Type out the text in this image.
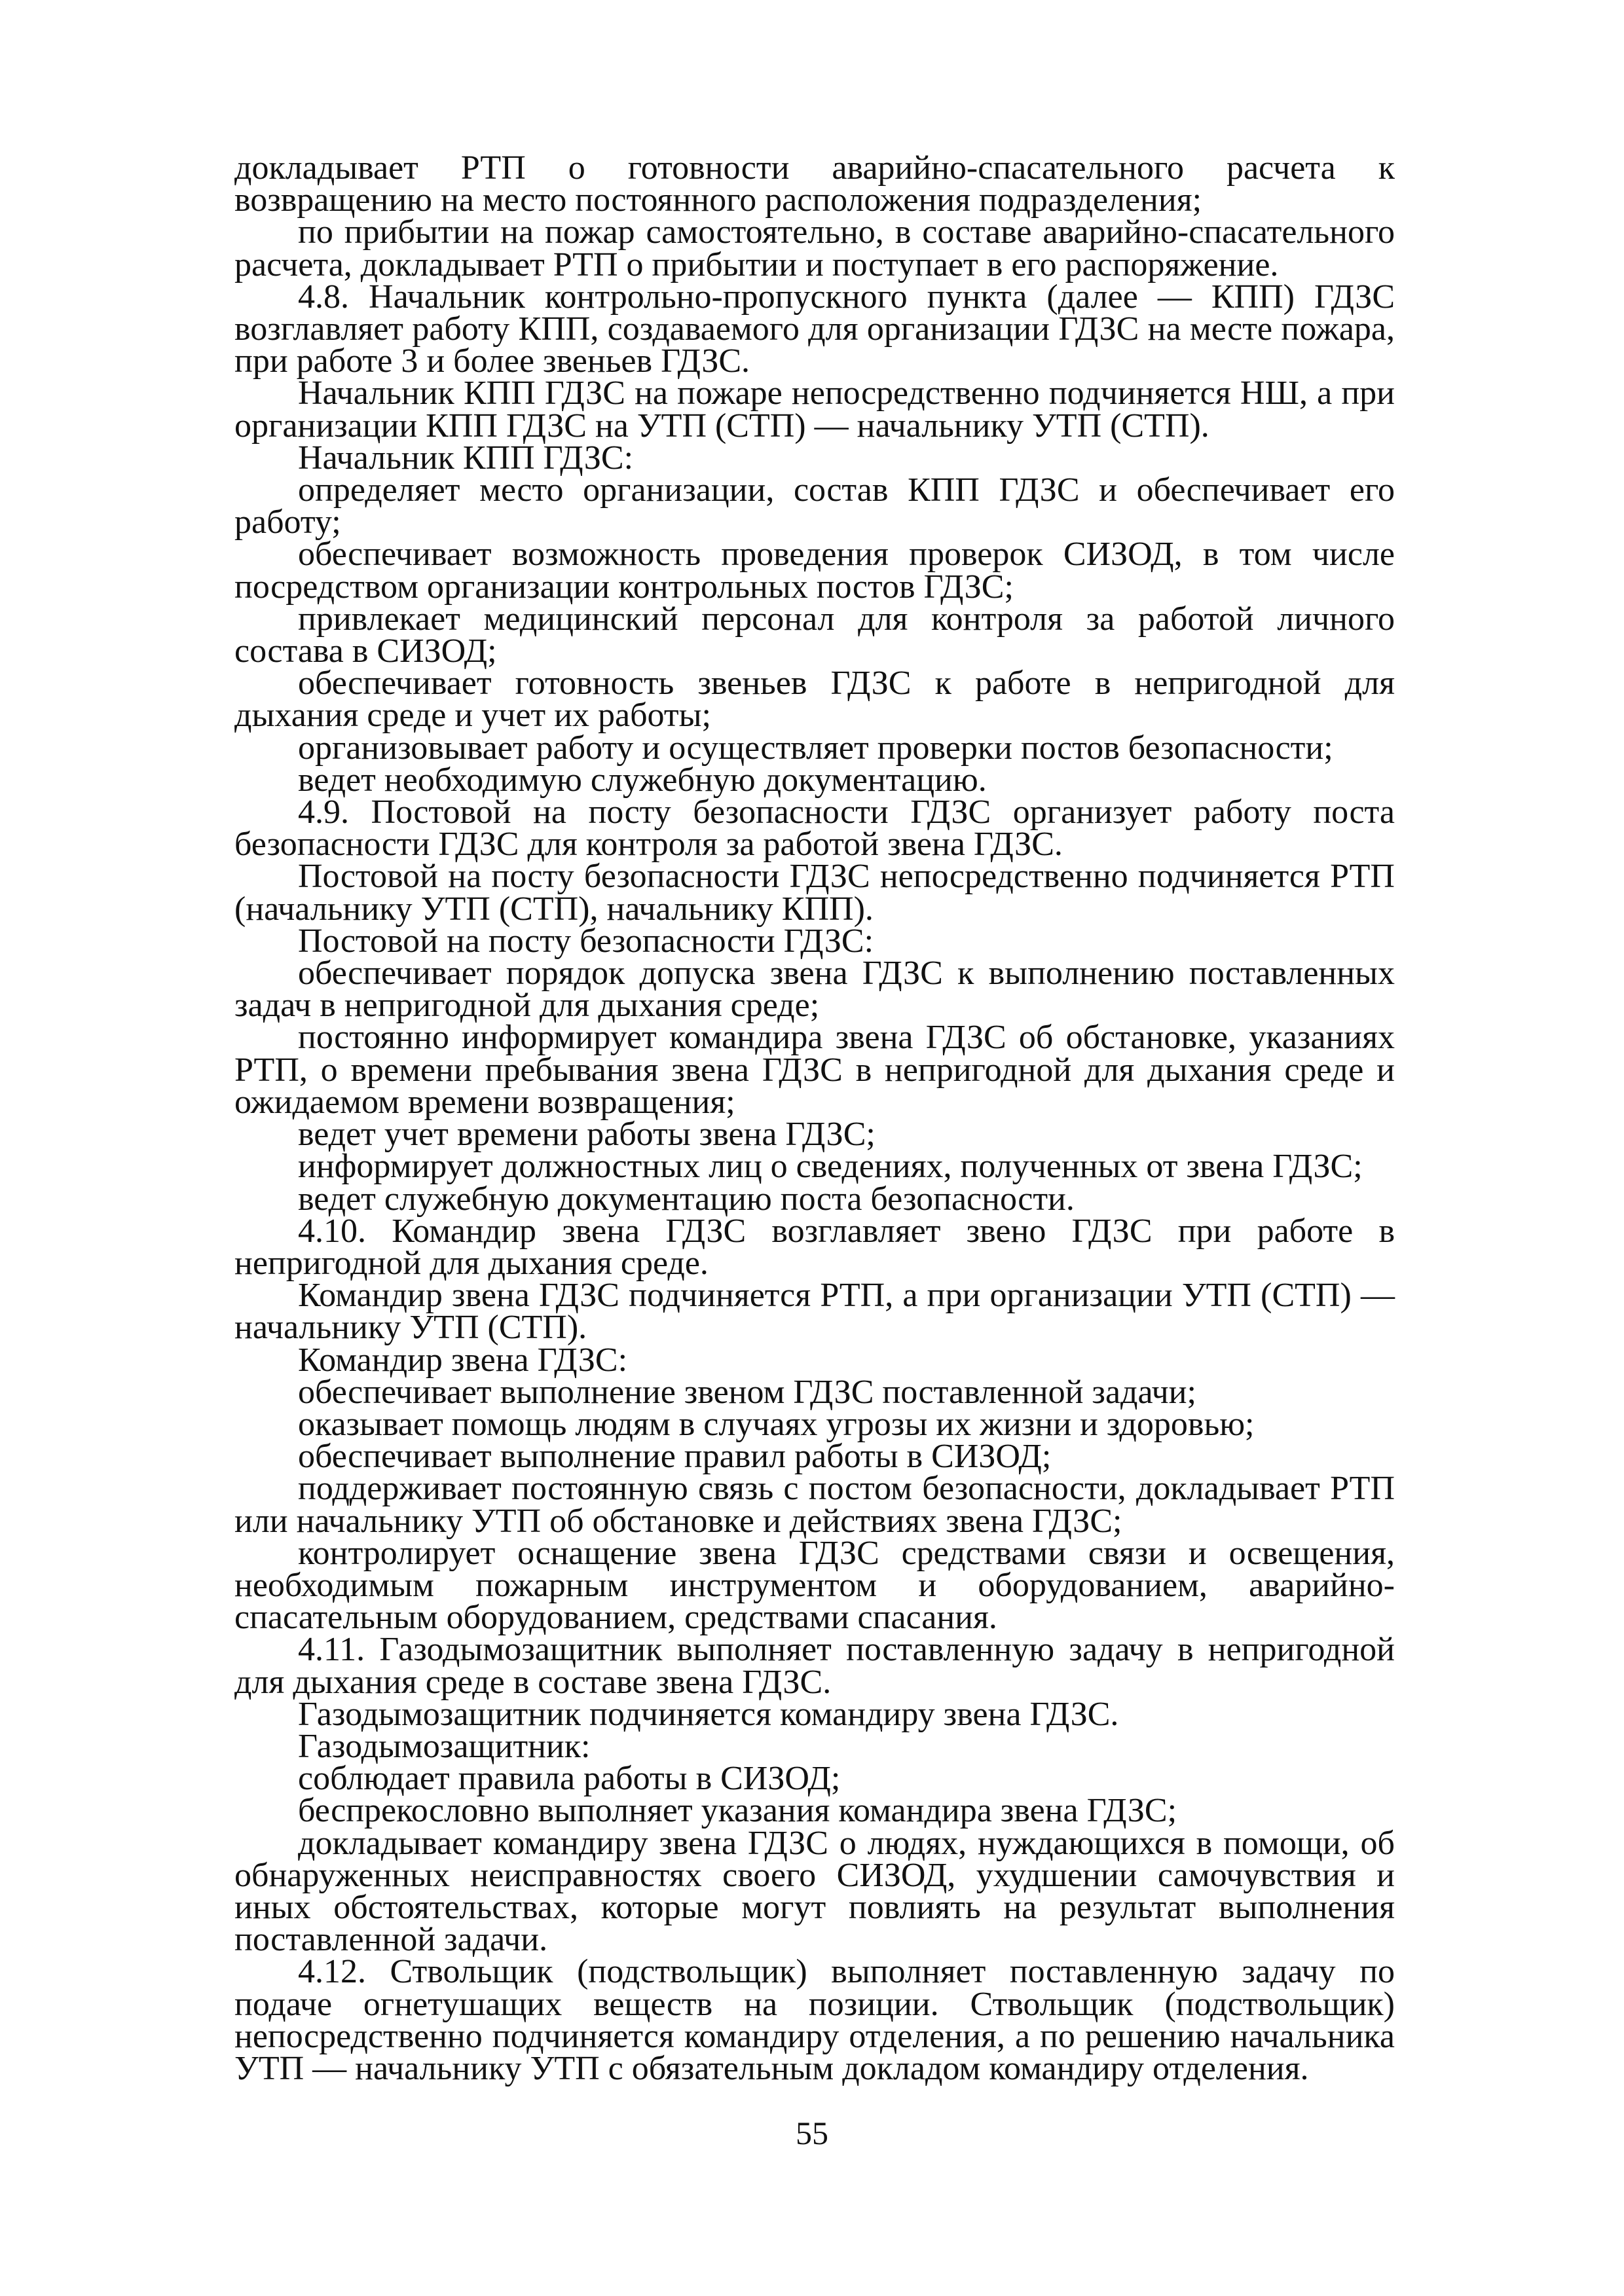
докладывает РТП о готовности аварийно-спасательного расчета к возвращению на место постоянного расположения подразделения;

по прибытии на пожар самостоятельно, в составе аварийно-спасательного расчета, докладывает РТП о прибытии и поступает в его распоряжение.

4.8. Начальник контрольно-пропускного пункта (далее — КПП) ГДЗС возглавляет работу КПП, создаваемого для организации ГДЗС на месте пожара, при работе 3 и более звеньев ГДЗС.

Начальник КПП ГДЗС на пожаре непосредственно подчиняется НШ, а при организации КПП ГДЗС на УТП (СТП) — начальнику УТП (СТП).

Начальник КПП ГДЗС:

определяет место организации, состав КПП ГДЗС и обеспечивает его работу;

обеспечивает возможность проведения проверок СИЗОД, в том числе посредством организации контрольных постов ГДЗС;

привлекает медицинский персонал для контроля за работой личного состава в СИЗОД;

обеспечивает готовность звеньев ГДЗС к работе в непригодной для дыхания среде и учет их работы;

организовывает работу и осуществляет проверки постов безопасности;

ведет необходимую служебную документацию.

4.9. Постовой на посту безопасности ГДЗС организует работу поста безопасности ГДЗС для контроля за работой звена ГДЗС.

Постовой на посту безопасности ГДЗС непосредственно подчиняется РТП (начальнику УТП (СТП), начальнику КПП).

Постовой на посту безопасности ГДЗС:

обеспечивает порядок допуска звена ГДЗС к выполнению поставленных задач в непригодной для дыхания среде;

постоянно информирует командира звена ГДЗС об обстановке, указаниях РТП, о времени пребывания звена ГДЗС в непригодной для дыхания среде и ожидаемом времени возвращения;

ведет учет времени работы звена ГДЗС;

информирует должностных лиц о сведениях, полученных от звена ГДЗС;

ведет служебную документацию поста безопасности.

4.10. Командир звена ГДЗС возглавляет звено ГДЗС при работе в непригодной для дыхания среде.

Командир звена ГДЗС подчиняется РТП, а при организации УТП (СТП) — начальнику УТП (СТП).

Командир звена ГДЗС:

обеспечивает выполнение звеном ГДЗС поставленной задачи;

оказывает помощь людям в случаях угрозы их жизни и здоровью;

обеспечивает выполнение правил работы в СИЗОД;

поддерживает постоянную связь с постом безопасности, докладывает РТП или начальнику УТП об обстановке и действиях звена ГДЗС;

контролирует оснащение звена ГДЗС средствами связи и освещения, необходимым пожарным инструментом и оборудованием, аварийно-спасательным оборудованием, средствами спасания.

4.11. Газодымозащитник выполняет поставленную задачу в непригодной для дыхания среде в составе звена ГДЗС.

Газодымозащитник подчиняется командиру звена ГДЗС.

Газодымозащитник:

соблюдает правила работы в СИЗОД;

беспрекословно выполняет указания командира звена ГДЗС;

докладывает командиру звена ГДЗС о людях, нуждающихся в помощи, об обнаруженных неисправностях своего СИЗОД, ухудшении самочувствия и иных обстоятельствах, которые могут повлиять на результат выполнения поставленной задачи.

4.12. Ствольщик (подствольщик) выполняет поставленную задачу по подаче огнетушащих веществ на позиции. Ствольщик (подствольщик) непосредственно подчиняется командиру отделения, а по решению начальника УТП — начальнику УТП с обязательным докладом командиру отделения.

55
